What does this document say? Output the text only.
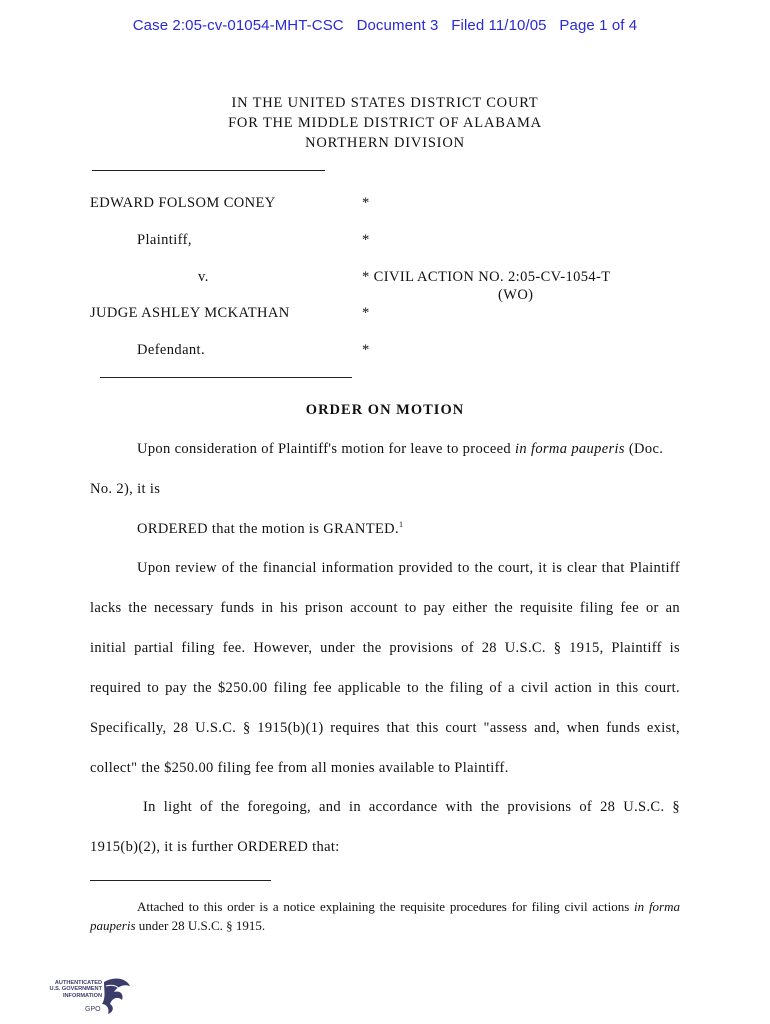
Case 2:05-cv-01054-MHT-CSC Document 3 Filed 11/10/05 Page 1 of 4
IN THE UNITED STATES DISTRICT COURT
FOR THE MIDDLE DISTRICT OF ALABAMA
NORTHERN DIVISION
EDWARD FOLSOM CONEY	*
Plaintiff,	*
v.	* CIVIL ACTION NO. 2:05-CV-1054-T
(WO)
JUDGE ASHLEY MCKATHAN	*
Defendant.	*
ORDER ON MOTION
Upon consideration of Plaintiff's motion for leave to proceed in forma pauperis (Doc.
No. 2), it is
ORDERED that the motion is GRANTED.$^1$
Upon review of the financial information provided to the court, it is clear that Plaintiff
lacks the necessary funds in his prison account to pay either the requisite filing fee or an
initial partial filing fee. However, under the provisions of 28 U.S.C. § 1915, Plaintiff is
required to pay the $250.00 filing fee applicable to the filing of a civil action in this court.
Specifically, 28 U.S.C. § 1915(b)(1) requires that this court "assess and, when funds exist,
collect" the $250.00 filing fee from all monies available to Plaintiff.
In light of the foregoing, and in accordance with the provisions of 28 U.S.C. §
1915(b)(2), it is further ORDERED that:
Attached to this order is a notice explaining the requisite procedures for filing civil actions in forma pauperis under 28 U.S.C. § 1915.
AUTHENTICATED
U.S. GOVERNMENT
INFORMATION
GPO
